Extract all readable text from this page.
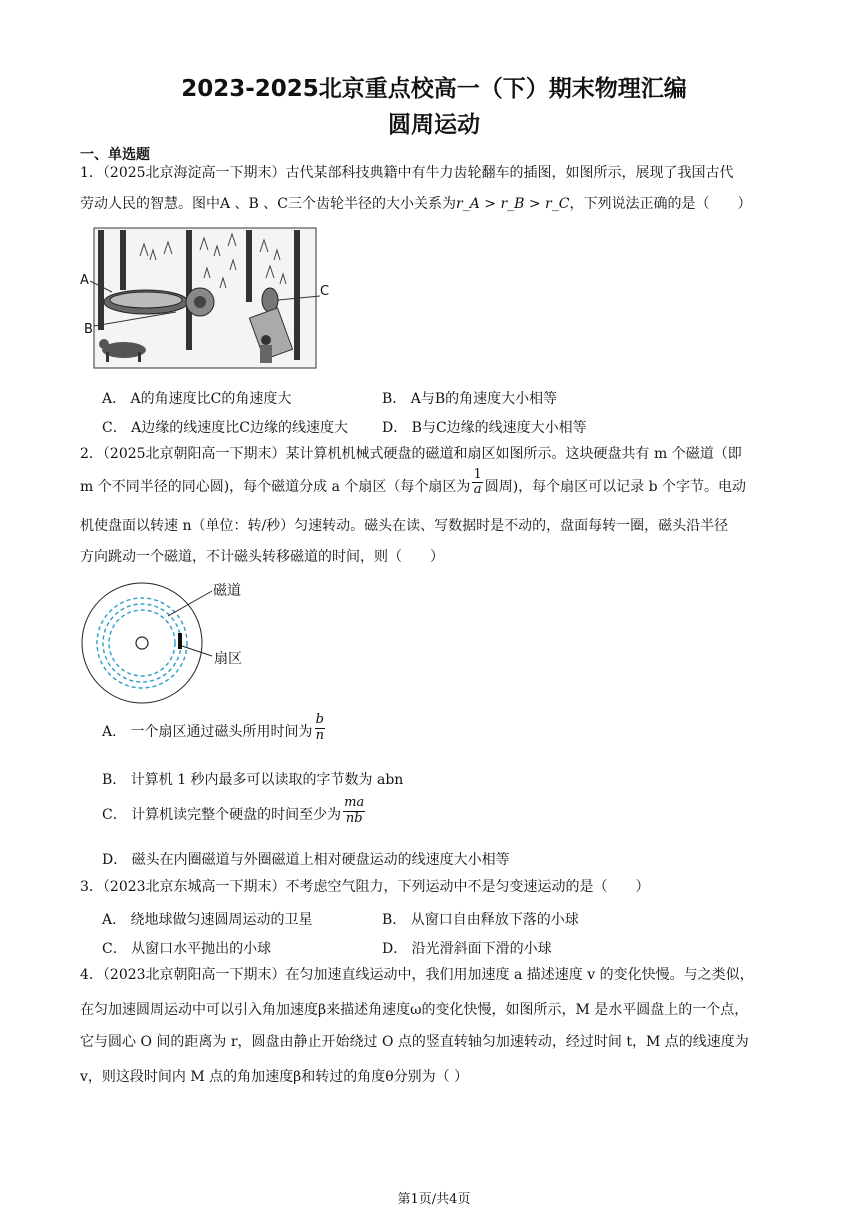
2023-2025北京重点校高一（下）期末物理汇编
圆周运动
一、单选题
1．（2025北京海淀高一下期末）古代某部科技典籍中有牛力齿轮翻车的插图，如图所示，展现了我国古代
劳动人民的智慧。图中A 、B 、C三个齿轮半径的大小关系为r_A > r_B > r_C，下列说法正确的是（　　）
A
B
C
A． A的角速度比C的角速度大	B． A与B的角速度大小相等
C． A边缘的线速度比C边缘的线速度大 D． B与C边缘的线速度大小相等
2．（2025北京朝阳高一下期末）某计算机机械式硬盘的磁道和扇区如图所示。这块硬盘共有 m 个磁道（即
m 个不同半径的同心圆)，每个磁道分成 a 个扇区（每个扇区为 $\frac{1}{a}$ 圆周)，每个扇区可以记录 b 个字节。电动
机使盘面以转速 n（单位：转/秒）匀速转动。磁头在读、写数据时是不动的，盘面每转一圈，磁头沿半径
方向跳动一个磁道，不计磁头转移磁道的时间，则（　　）
磁道
扇区
A． 一个扇区通过磁头所用时间为 $\frac{b}{n}$
B． 计算机 1 秒内最多可以读取的字节数为 abn
C． 计算机读完整个硬盘的时间至少为 $\frac{ma}{nb}$
D． 磁头在内圈磁道与外圈磁道上相对硬盘运动的线速度大小相等
3．（2023北京东城高一下期末）不考虑空气阻力，下列运动中不是匀变速运动的是（　　）
A． 绕地球做匀速圆周运动的卫星	B． 从窗口自由释放下落的小球
C． 从窗口水平抛出的小球	D． 沿光滑斜面下滑的小球
4．（2023北京朝阳高一下期末）在匀加速直线运动中，我们用加速度 a 描述速度 v 的变化快慢。与之类似，
在匀加速圆周运动中可以引入角加速度β来描述角速度ω的变化快慢，如图所示，M 是水平圆盘上的一个点，
它与圆心 O 间的距离为 r，圆盘由静止开始绕过 O 点的竖直转轴匀加速转动，经过时间 t，M 点的线速度为
v，则这段时间内 M 点的角加速度β和转过的角度θ分别为（ ）
第1页/共4页
